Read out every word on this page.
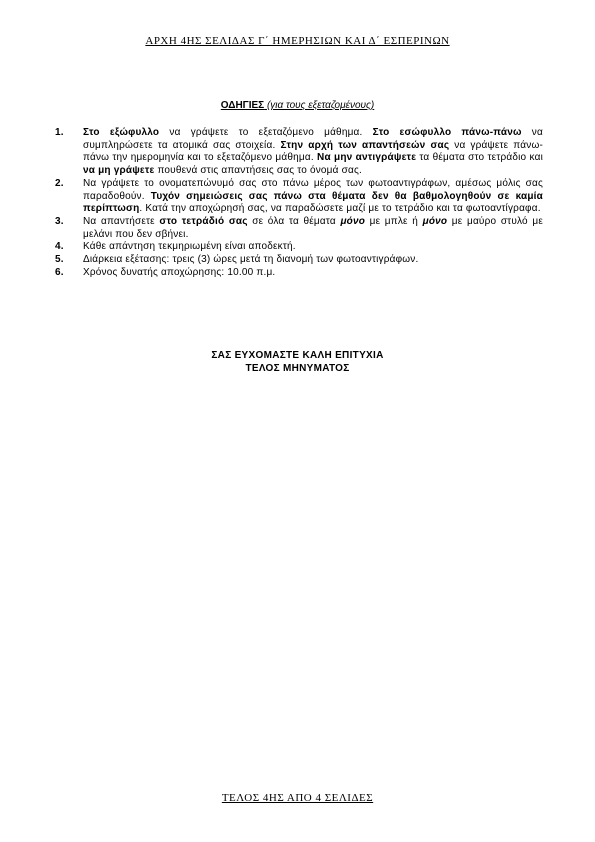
ΑΡΧΗ 4ΗΣ ΣΕΛΙΔΑΣ Γ΄ ΗΜΕΡΗΣΙΩΝ ΚΑΙ Δ΄ ΕΣΠΕΡΙΝΩΝ
ΟΔΗΓΙΕΣ (για τους εξεταζομένους)
1. Στο εξώφυλλο να γράψετε το εξεταζόμενο μάθημα. Στο εσώφυλλο πάνω-πάνω να συμπληρώσετε τα ατομικά σας στοιχεία. Στην αρχή των απαντήσεών σας να γράψετε πάνω-πάνω την ημερομηνία και το εξεταζόμενο μάθημα. Να μην αντιγράψετε τα θέματα στο τετράδιο και να μη γράψετε πουθενά στις απαντήσεις σας το όνομά σας.
2. Να γράψετε το ονοματεπώνυμό σας στο πάνω μέρος των φωτοαντιγράφων, αμέσως μόλις σας παραδοθούν. Τυχόν σημειώσεις σας πάνω στα θέματα δεν θα βαθμολογηθούν σε καμία περίπτωση. Κατά την αποχώρησή σας, να παραδώσετε μαζί με το τετράδιο και τα φωτοαντίγραφα.
3. Να απαντήσετε στο τετράδιό σας σε όλα τα θέματα μόνο με μπλε ή μόνο με μαύρο στυλό με μελάνι που δεν σβήνει.
4. Κάθε απάντηση τεκμηριωμένη είναι αποδεκτή.
5. Διάρκεια εξέτασης: τρεις (3) ώρες μετά τη διανομή των φωτοαντιγράφων.
6. Χρόνος δυνατής αποχώρησης: 10.00 π.μ.
ΣΑΣ ΕΥΧΟΜΑΣΤΕ ΚΑΛΗ ΕΠΙΤΥΧΙΑ
ΤΕΛΟΣ ΜΗΝΥΜΑΤΟΣ
ΤΕΛΟΣ 4ΗΣ ΑΠΟ 4 ΣΕΛΙΔΕΣ
